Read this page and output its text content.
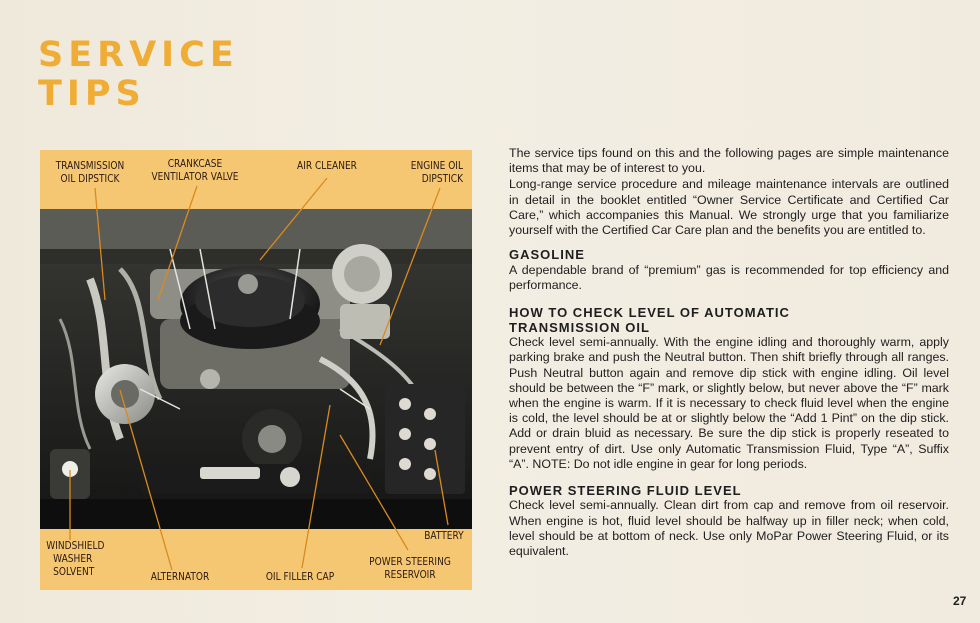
SERVICE
TIPS
TRANSMISSION
OIL DIPSTICK
CRANKCASE
VENTILATOR VALVE
AIR CLEANER	ENGINE OIL
DIPSTICK
BATTERY
WINDSHIELD
WASHER
SOLVENT	ALTERNATOR	OIL FILLER CAP
POWER STEERING
RESERVOIR

The service tips found on this and the following pages are simple maintenance items that may be of interest to you.

Long-range service procedure and mileage maintenance intervals are outlined in detail in the booklet entitled “Owner Service Certificate and Certified Car Care,” which accompanies this Manual. We strongly urge that you familiarize yourself with the Certified Car Care plan and the benefits you are entitled to.

GASOLINE

A dependable brand of “premium” gas is recommended for top efficiency and performance.

HOW TO CHECK LEVEL OF AUTOMATIC
TRANSMISSION OIL

Check level semi-annually. With the engine idling and thoroughly warm, apply parking brake and push the Neutral button. Then shift briefly through all ranges. Push Neutral button again and remove dip stick with engine idling. Oil level should be between the “F” mark, or slightly below, but never above the “F” mark when the engine is warm. If it is necessary to check fluid level when the engine is cold, the level should be at or slightly below the “Add 1 Pint” on the dip stick. Add or drain bluid as necessary. Be sure the dip stick is properly reseated to prevent entry of dirt. Use only Automatic Transmission Fluid, Type “A”, Suffix “A”. NOTE: Do not idle engine in gear for long periods.

POWER STEERING FLUID LEVEL

Check level semi-annually. Clean dirt from cap and remove from oil reservoir. When engine is hot, fluid level should be halfway up in filler neck; when cold, level should be at bottom of neck. Use only MoPar Power Steering Fluid, or its equivalent.

27
